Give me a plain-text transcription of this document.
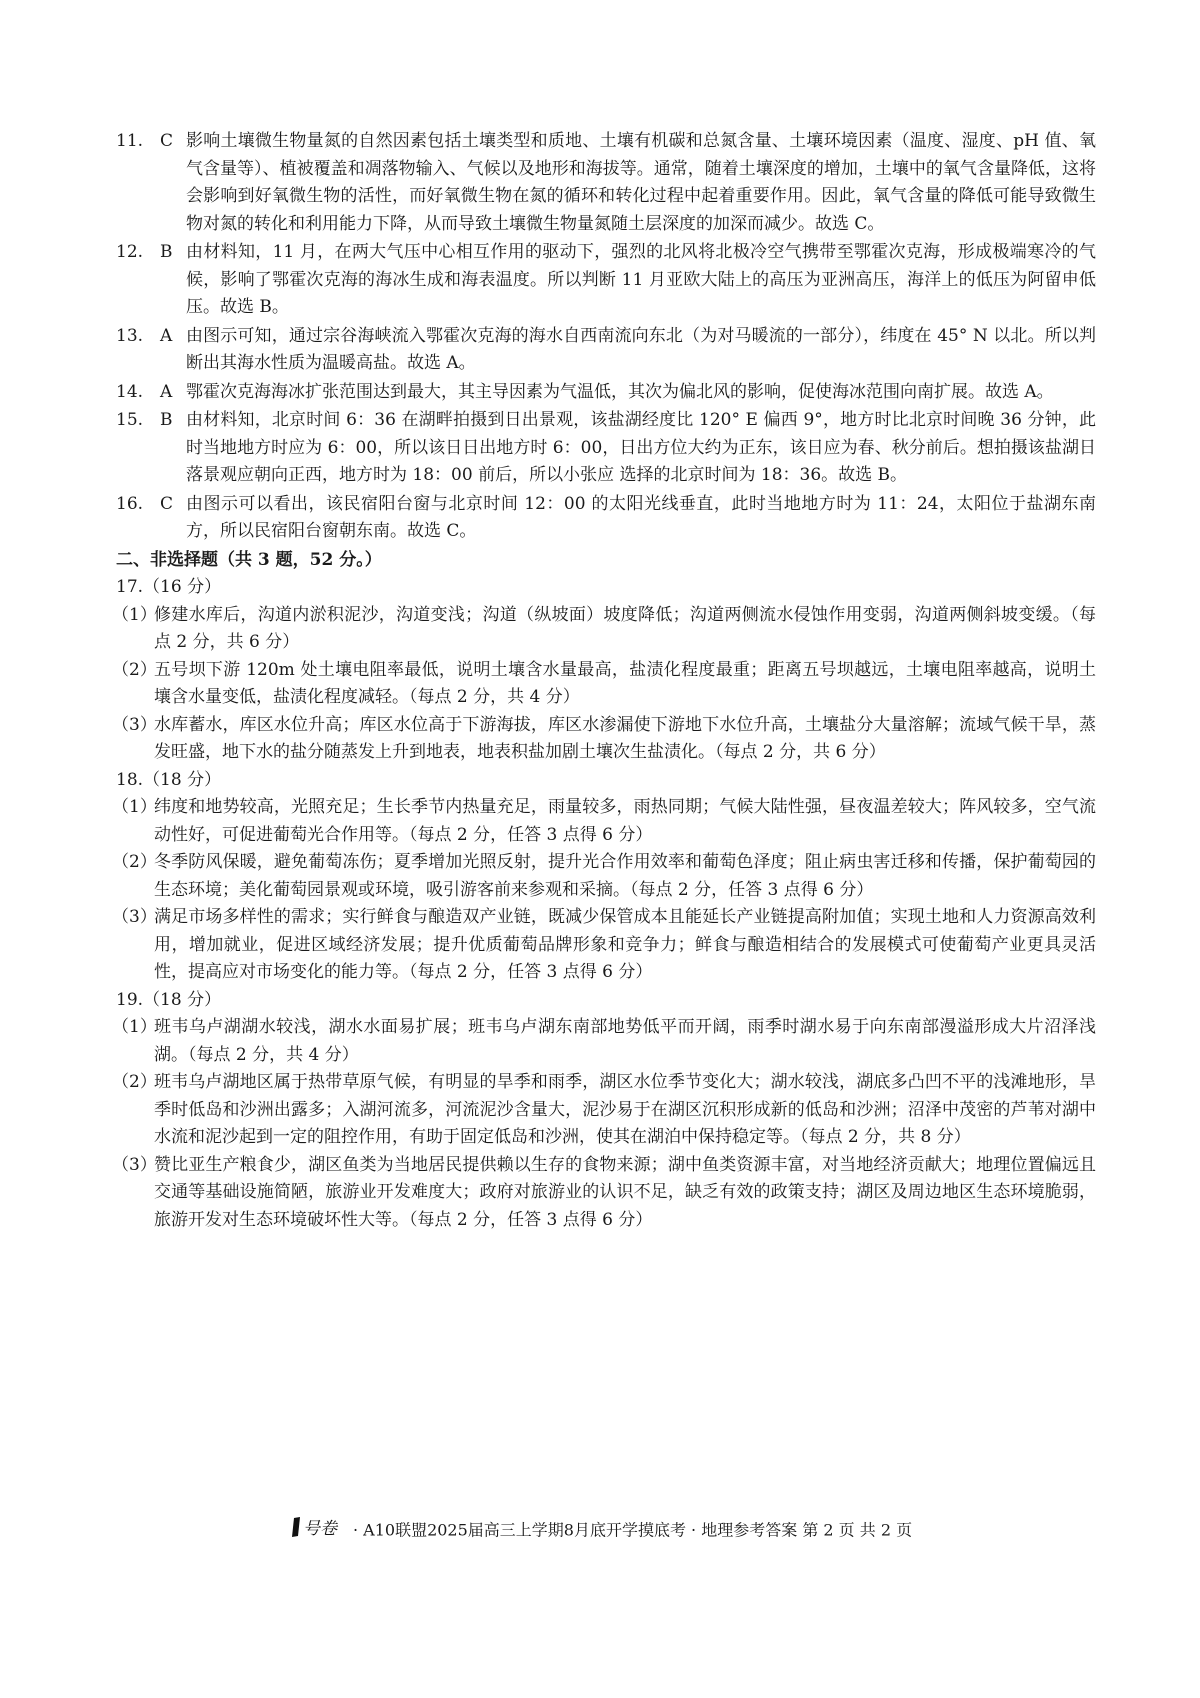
11. C 影响土壤微生物量氮的自然因素包括土壤类型和质地、土壤有机碳和总氮含量、土壤环境因素（温度、湿度、pH 值、氧气含量等）、植被覆盖和凋落物输入、气候以及地形和海拔等。通常，随着土壤深度的增加，土壤中的氧气含量降低，这将会影响到好氧微生物的活性，而好氧微生物在氮的循环和转化过程中起着重要作用。因此，氧气含量的降低可能导致微生物对氮的转化和利用能力下降，从而导致土壤微生物量氮随土层深度的加深而减少。故选 C。
12. B 由材料知，11 月，在两大气压中心相互作用的驱动下，强烈的北风将北极冷空气携带至鄂霍次克海，形成极端寒冷的气候，影响了鄂霍次克海的海冰生成和海表温度。所以判断 11 月亚欧大陆上的高压为亚洲高压，海洋上的低压为阿留申低压。故选 B。
13. A 由图示可知，通过宗谷海峡流入鄂霍次克海的海水自西南流向东北（为对马暖流的一部分），纬度在 45° N 以北。所以判断出其海水性质为温暖高盐。故选 A。
14. A 鄂霍次克海海冰扩张范围达到最大，其主导因素为气温低，其次为偏北风的影响，促使海冰范围向南扩展。故选 A。
15. B 由材料知，北京时间 6：36 在湖畔拍摄到日出景观，该盐湖经度比 120° E 偏西 9°，地方时比北京时间晚 36 分钟，此时当地地方时应为 6：00，所以该日日出地方时 6：00，日出方位大约为正东，该日应为春、秋分前后。想拍摄该盐湖日落景观应朝向正西，地方时为 18：00 前后，所以小张应 选择的北京时间为 18：36。故选 B。
16. C 由图示可以看出，该民宿阳台窗与北京时间 12：00 的太阳光线垂直，此时当地地方时为 11：24，太阳位于盐湖东南方，所以民宿阳台窗朝东南。故选 C。

二、非选择题（共 3 题，52 分。）

17.（16 分）

（1）
修建水库后，沟道内淤积泥沙，沟道变浅；沟道（纵坡面）坡度降低；沟道两侧流水侵蚀作用变弱，沟道两侧斜坡变缓。（每点 2 分，共 6 分）
（2）
五号坝下游 120m 处土壤电阻率最低，说明土壤含水量最高，盐渍化程度最重；距离五号坝越远，土壤电阻率越高，说明土壤含水量变低，盐渍化程度减轻。（每点 2 分，共 4 分）
（3）
水库蓄水，库区水位升高；库区水位高于下游海拔，库区水渗漏使下游地下水位升高，土壤盐分大量溶解；流域气候干旱，蒸发旺盛，地下水的盐分随蒸发上升到地表，地表积盐加剧土壤次生盐渍化。（每点 2 分，共 6 分）

18.（18 分）

（1）
纬度和地势较高，光照充足；生长季节内热量充足，雨量较多，雨热同期；气候大陆性强，昼夜温差较大；阵风较多，空气流动性好，可促进葡萄光合作用等。（每点 2 分，任答 3 点得 6 分）
（2）
冬季防风保暖，避免葡萄冻伤；夏季增加光照反射，提升光合作用效率和葡萄色泽度；阻止病虫害迁移和传播，保护葡萄园的生态环境；美化葡萄园景观或环境，吸引游客前来参观和采摘。（每点 2 分，任答 3 点得 6 分）
（3）
满足市场多样性的需求；实行鲜食与酿造双产业链，既减少保管成本且能延长产业链提高附加值；实现土地和人力资源高效利用，增加就业，促进区域经济发展；提升优质葡萄品牌形象和竞争力；鲜食与酿造相结合的发展模式可使葡萄产业更具灵活性，提高应对市场变化的能力等。（每点 2 分，任答 3 点得 6 分）

19.（18 分）

（1）
班韦乌卢湖湖水较浅，湖水水面易扩展；班韦乌卢湖东南部地势低平而开阔，雨季时湖水易于向东南部漫溢形成大片沼泽浅湖。（每点 2 分，共 4 分）
（2）
班韦乌卢湖地区属于热带草原气候，有明显的旱季和雨季，湖区水位季节变化大；湖水较浅，湖底多凸凹不平的浅滩地形，旱季时低岛和沙洲出露多；入湖河流多，河流泥沙含量大，泥沙易于在湖区沉积形成新的低岛和沙洲；沼泽中茂密的芦苇对湖中水流和泥沙起到一定的阻控作用，有助于固定低岛和沙洲，使其在湖泊中保持稳定等。（每点 2 分，共 8 分）
（3）
赞比亚生产粮食少，湖区鱼类为当地居民提供赖以生存的食物来源；湖中鱼类资源丰富，对当地经济贡献大；地理位置偏远且交通等基础设施简陋，旅游业开发难度大；政府对旅游业的认识不足，缺乏有效的政策支持；湖区及周边地区生态环境脆弱，旅游开发对生态环境破坏性大等。（每点 2 分，任答 3 点得 6 分）
号卷 · A10联盟2025届高三上学期8月底开学摸底考 · 地理参考答案 第 2 页 共 2 页
